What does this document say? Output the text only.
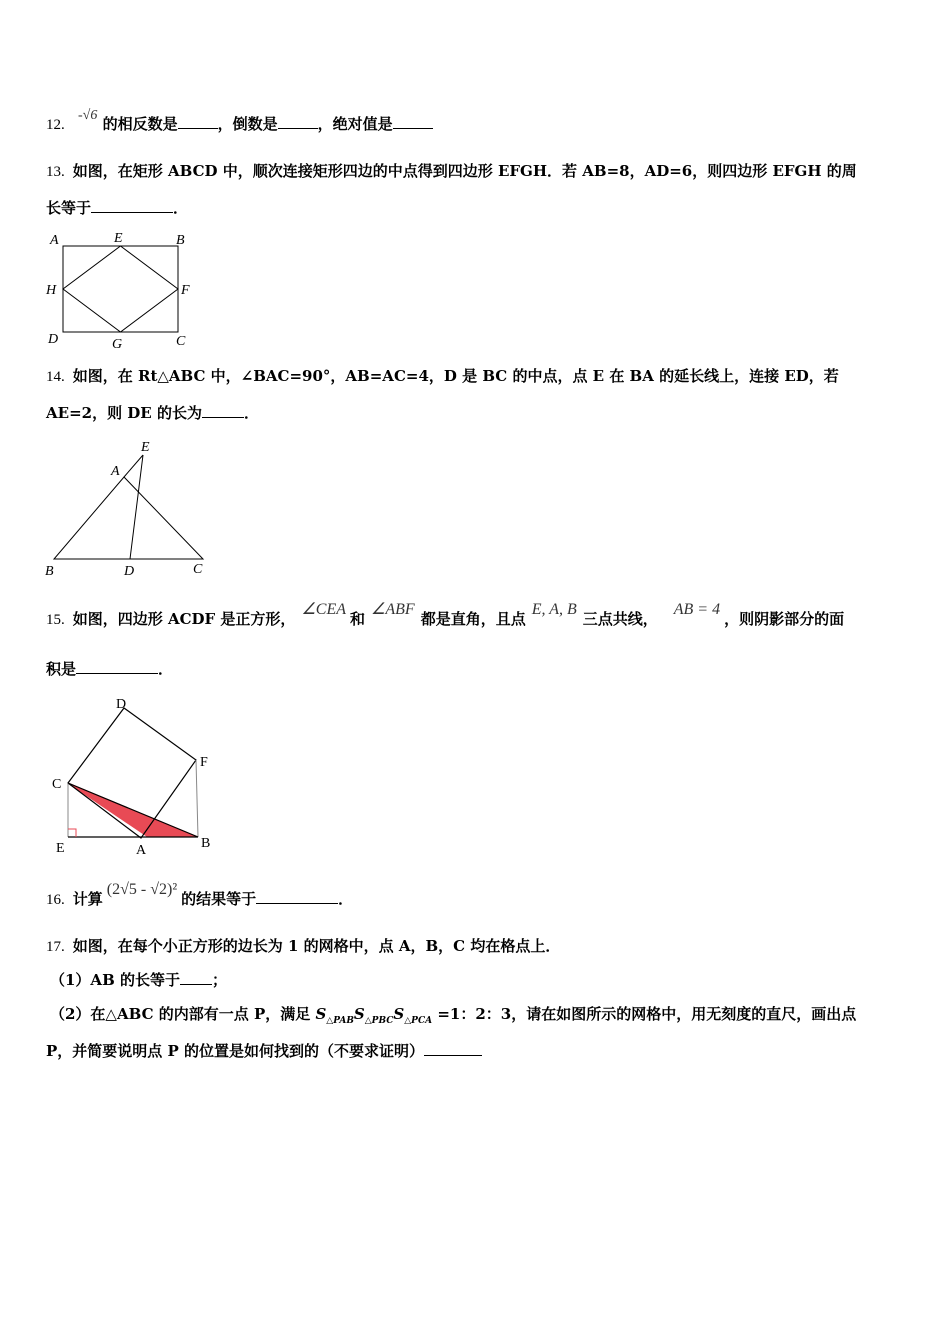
12. -√6 的相反数是	，倒数是	，绝对值是
13. 如图，在矩形 ABCD 中，顺次连接矩形四边的中点得到四边形 EFGH．若 AB=8，AD=6，则四边形 EFGH 的周
长等于	．
A	E	B
H	F
D	G	C
14. 如图，在 Rt△ABC 中，∠BAC=90°，AB=AC=4，D 是 BC 的中点，点 E 在 BA 的延长线上，连接 ED，若
AE=2，则 DE 的长为	．
E
A
B	D	C
15. 如图，四边形 ACDF 是正方形，∠CEA和∠ABF都是直角，且点E, A, B三点共线，AB = 4，则阴影部分的面
积是	．
D
F
C
E	A	B
16. 计算(2√5 - √2)²的结果等于	．
17. 如图，在每个小正方形的边长为 1 的网格中，点 A，B，C 均在格点上．
（1）AB 的长等于 ；
（2）在△ABC 的内部有一点 P，满足 $S_{\triangle PAB}S_{\triangle PBC}S_{\triangle PCA} =1$：2：3，请在如图所示的网格中，用无刻度的直尺，画出点
P，并简要说明点 P 的位置是如何找到的（不要求证明）
